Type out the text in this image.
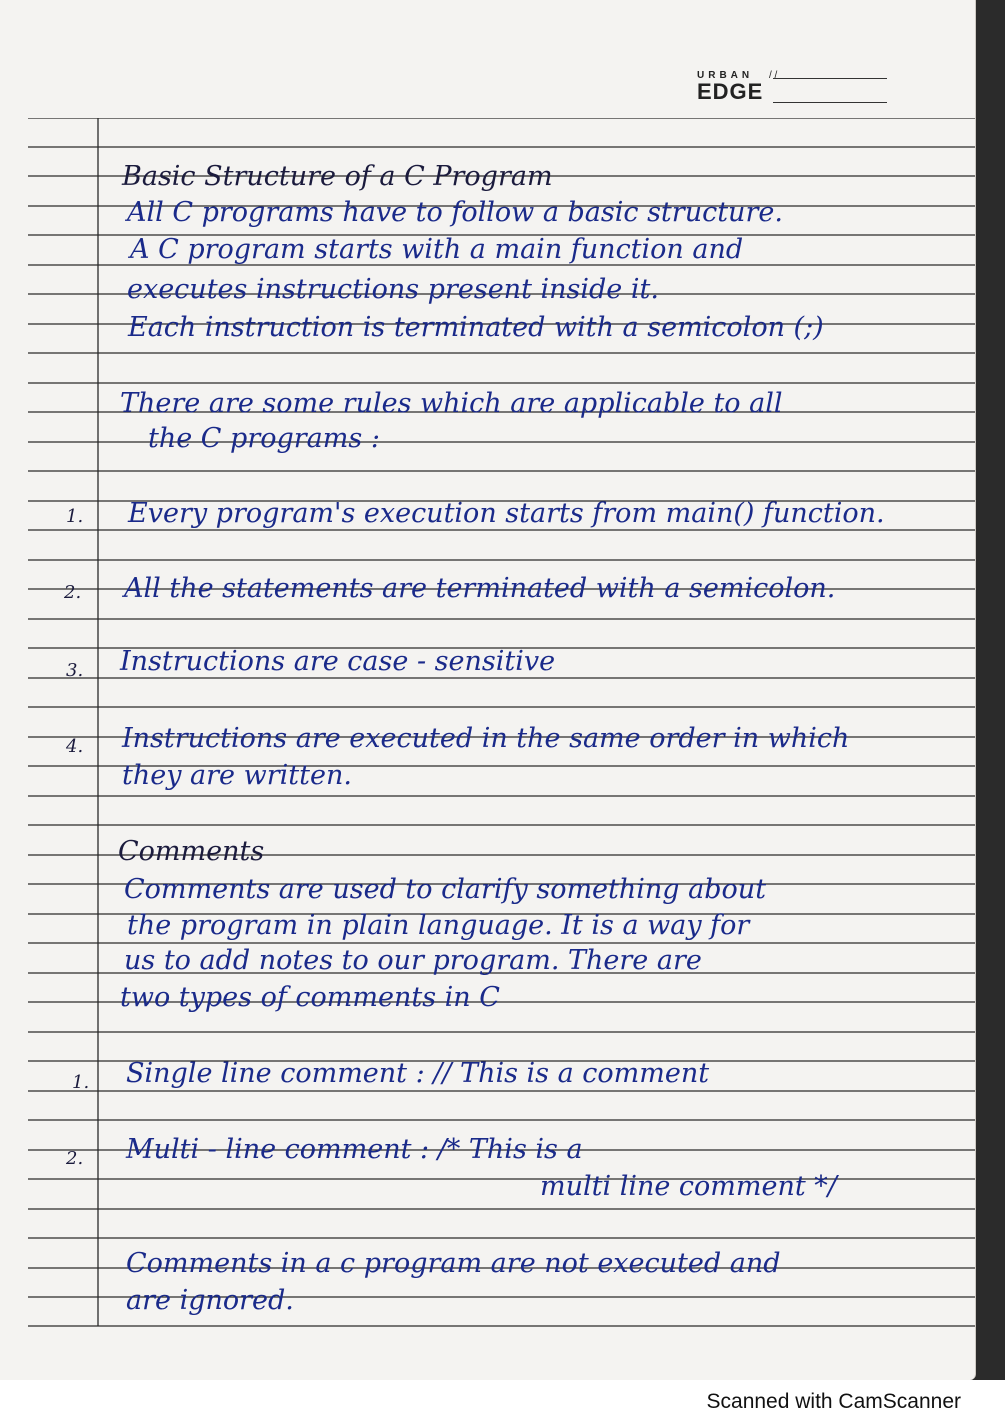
URBAN
EDGE
/ /
Basic Structure of a C Program
All C programs have to follow a basic structure.
A C program starts with a main function and
executes instructions present inside it.
Each instruction is terminated with a semicolon (;)
There are some rules which are applicable to all
the C programs :
1. Every program's execution starts from main() function.
2. All the statements are terminated with a semicolon.
3. Instructions are case - sensitive
4. Instructions are executed in the same order in which
they are written.
Comments
Comments are used to clarify something about
the program in plain language. It is a way for
us to add notes to our program. There are
two types of comments in C
1. Single line comment : // This is a comment
2. Multi - line comment : /* This is a
multi line comment */
Comments in a c program are not executed and
are ignored.
Scanned with CamScanner
